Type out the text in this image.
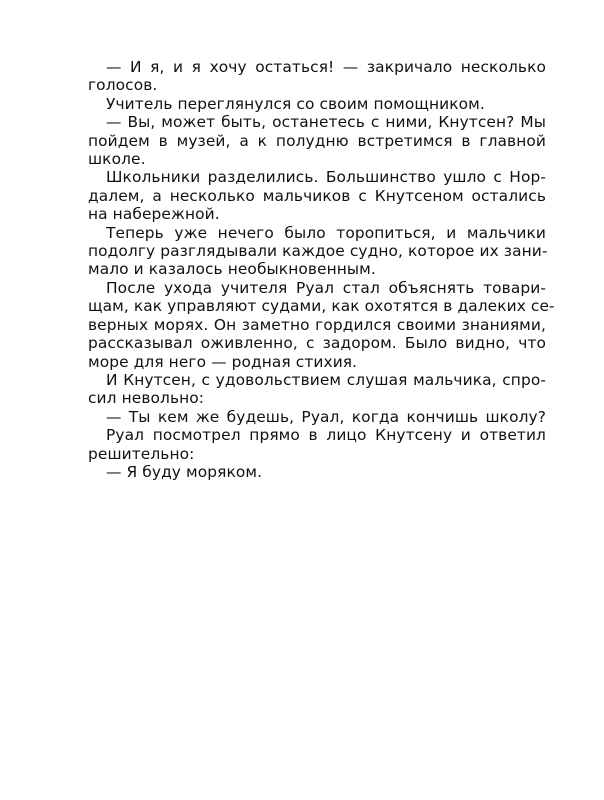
— И я, и я хочу остаться! — закричало несколько
голосов.
Учитель переглянулся со своим помощником.
— Вы, может быть, останетесь с ними, Кнутсен? Мы
пойдем в музей, а к полудню встретимся в главной
школе.
Школьники разделились. Большинство ушло с Нор-
далем, а несколько мальчиков с Кнутсеном остались
на набережной.
Теперь уже нечего было торопиться, и мальчики
подолгу разглядывали каждое судно, которое их зани-
мало и казалось необыкновенным.
После ухода учителя Руал стал объяснять товари-
щам, как управляют судами, как охотятся в далеких се-
верных морях. Он заметно гордился своими знаниями,
рассказывал оживленно, с задором. Было видно, что
море для него — родная стихия.
И Кнутсен, с удовольствием слушая мальчика, спро-
сил невольно:
— Ты кем же будешь, Руал, когда кончишь школу?
Руал посмотрел прямо в лицо Кнутсену и ответил
решительно:
— Я буду моряком.
